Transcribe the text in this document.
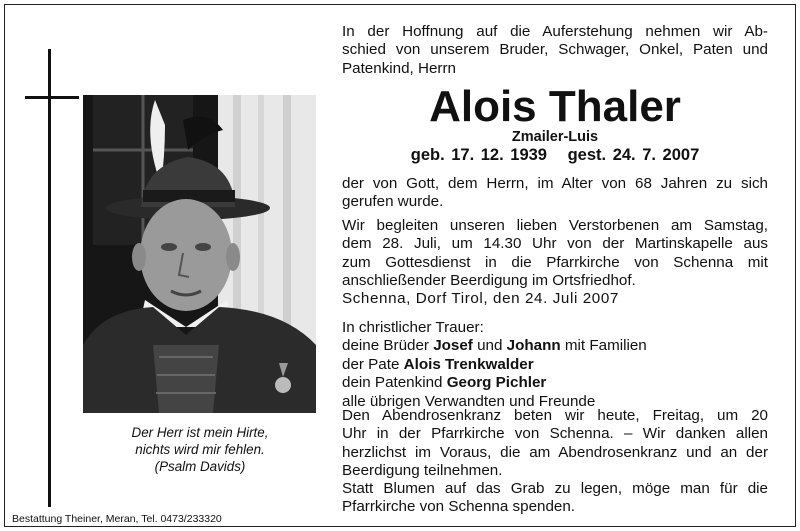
Der Herr ist mein Hirte,
nichts wird mir fehlen.
(Psalm Davids)
Bestattung Theiner, Meran, Tel. 0473/233320
In der Hoffnung auf die Auferstehung nehmen wir Ab-
schied von unserem Bruder, Schwager, Onkel, Paten und
Patenkind, Herrn
Alois Thaler
Zmailer-Luis
geb. 17. 12. 1939 gest. 24. 7. 2007
der von Gott, dem Herrn, im Alter von 68 Jahren zu sich
gerufen wurde.
Wir begleiten unseren lieben Verstorbenen am Samstag,
dem 28. Juli, um 14.30 Uhr von der Martinskapelle aus
zum Gottesdienst in die Pfarrkirche von Schenna mit
anschließender Beerdigung im Ortsfriedhof.
Schenna, Dorf Tirol, den 24. Juli 2007
In christlicher Trauer:
deine Brüder Josef und Johann mit Familien
der Pate Alois Trenkwalder
dein Patenkind Georg Pichler
alle übrigen Verwandten und Freunde
Den Abendrosenkranz beten wir heute, Freitag, um 20
Uhr in der Pfarrkirche von Schenna. – Wir danken allen
herzlichst im Voraus, die am Abendrosenkranz und an der
Beerdigung teilnehmen.
Statt Blumen auf das Grab zu legen, möge man für die
Pfarrkirche von Schenna spenden.
